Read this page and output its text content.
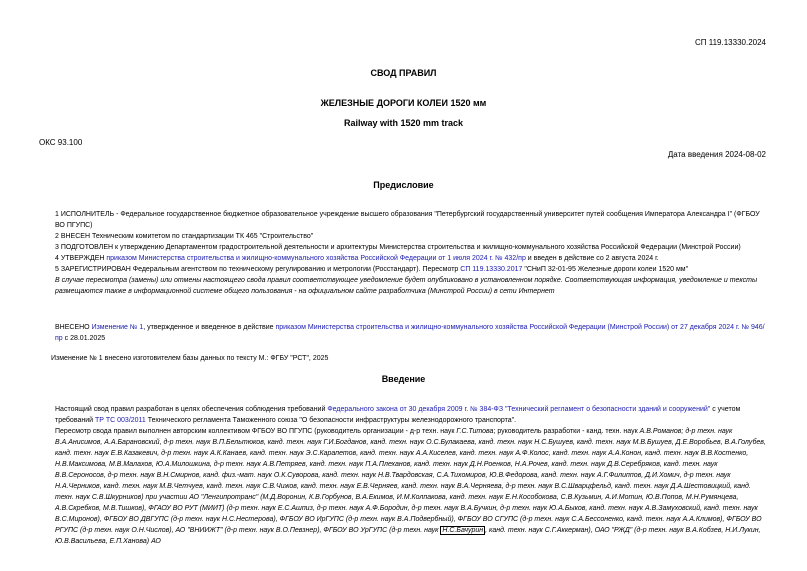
СП 119.13330.2024
СВОД ПРАВИЛ
ЖЕЛЕЗНЫЕ ДОРОГИ КОЛЕИ 1520 мм
Railway with 1520 mm track
ОКС 93.100
Дата введения 2024-08-02
Предисловие

1 ИСПОЛНИТЕЛЬ - Федеральное государственное бюджетное образовательное учреждение высшего образования "Петербургский государственный университет путей сообщения Императора Александра I" (ФГБОУ ВО ПГУПС)

2 ВНЕСЕН Техническим комитетом по стандартизации ТК 465 "Строительство"

3 ПОДГОТОВЛЕН к утверждению Департаментом градостроительной деятельности и архитектуры Министерства строительства и жилищно-коммунального хозяйства Российской Федерации (Минстрой России)

4 УТВЕРЖДЕН приказом Министерства строительства и жилищно-коммунального хозяйства Российской Федерации от 1 июля 2024 г. № 432/пр и введен в действие со 2 августа 2024 г.

5 ЗАРЕГИСТРИРОВАН Федеральным агентством по техническому регулированию и метрологии (Росстандарт). Пересмотр СП 119.13330.2017 "СНиП 32-01-95 Железные дороги колеи 1520 мм"

В случае пересмотра (замены) или отмены настоящего свода правил соответствующее уведомление будет опубликовано в установленном порядке. Соответствующая информация, уведомление и тексты размещаются также в информационной системе общего пользования - на официальном сайте разработчика (Минстрой России) в сети Интернет

ВНЕСЕНО Изменение № 1, утвержденное и введенное в действие приказом Министерства строительства и жилищно-коммунального хозяйства Российской Федерации (Минстрой России) от 27 декабря 2024 г. № 946/пр с 28.01.2025

Изменение № 1 внесено изготовителем базы данных по тексту М.: ФГБУ "РСТ", 2025
Введение

Настоящий свод правил разработан в целях обеспечения соблюдения требований Федерального закона от 30 декабря 2009 г. № 384-ФЗ "Технический регламент о безопасности зданий и сооружений" с учетом требований ТР ТС 003/2011 Технического регламента Таможенного союза "О безопасности инфраструктуры железнодорожного транспорта".

Пересмотр свода правил выполнен авторским коллективом ФГБОУ ВО ПГУПС (руководитель организации - д-р техн. наук Г.С.Титова; руководитель разработки - канд. техн. наук А.В.Романов; д-р техн. наук В.А.Анисимов, А.А.Барановский, д-р техн. наук В.П.Бельтюков, канд. техн. наук Г.И.Богданов, канд. техн. наук О.С.Булакаева, канд. техн. наук Н.С.Бушуев, канд. техн. наук М.В.Бушуев, Д.Е.Воробьев, В.А.Голубев, канд. техн. наук Е.В.Казакевич, д-р техн. наук А.К.Канаев, канд. техн. наук Э.С.Карапетов, канд. техн. наук А.А.Киселев, канд. техн. наук А.Ф.Колос, канд. техн. наук А.А.Конон, канд. техн. наук В.В.Костенко, Н.В.Максимова, М.В.Малахов, Ю.А.Милошкина, д-р техн. наук А.В.Петряев, канд. техн. наук П.А.Плеханов, канд. техн. наук Д.Н.Роенков, Н.А.Рочев, канд. техн. наук Д.В.Серебряков, канд. техн. наук В.В.Сероносов, д-р техн. наук В.Н.Смирнов, канд. физ.-мат. наук О.К.Суворова, канд. техн. наук Н.В.Твардовская, С.А.Тихомиров, Ю.В.Федорова, канд. техн. наук А.Г.Филиппов, Д.И.Хомич, д-р техн. наук Н.А.Черников, канд. техн. наук М.В.Четчуев, канд. техн. наук С.В.Чижов, канд. техн. наук Е.В.Черняев, канд. техн. наук В.А.Черняева, д-р техн. наук В.С.Шварцфельд, канд. техн. наук Д.А.Шестовицкий, канд. техн. наук С.В.Шкурников) при участии АО "Ленгипротранс" (М.Д.Воронин, К.В.Горбунов, В.А.Екимов, И.М.Колпакова, канд. техн. наук Е.Н.Кособокова, С.В.Кузьмин, А.И.Мотин, Ю.В.Попов, М.Н.Румянцева, А.В.Скребков, М.В.Тишков), ФГАОУ ВО РУТ (МИИТ) (д-р техн. наук Е.С.Ашпиз, д-р техн. наук А.Ф.Бородин, д-р техн. наук В.А.Бучкин, д-р техн. наук Ю.А.Быков, канд. техн. наук А.В.Замуховский, канд. техн. наук В.С.Миронов), ФГБОУ ВО ДВГУПС (д-р техн. наук Н.С.Нестерова), ФГБОУ ВО ИрГУПС (д-р техн. наук В.А.Подвербный), ФГБОУ ВО СГУПС (д-р техн. наук С.А.Бессоненко, канд. техн. наук А.А.Климов), ФГБОУ ВО РГУПС (д-р техн. наук О.Н.Числов), АО "ВНИИЖТ" (д-р техн. наук В.О.Певзнер), ФГБОУ ВО УрГУПС (д-р техн. наук Н.С.Бачурин , канд. техн. наук С.Г.Аккерман), ОАО "РЖД" (д-р техн. наук В.А.Кобзев, Н.И.Лукин, Ю.В.Васильева, Е.П.Ханова) АО
